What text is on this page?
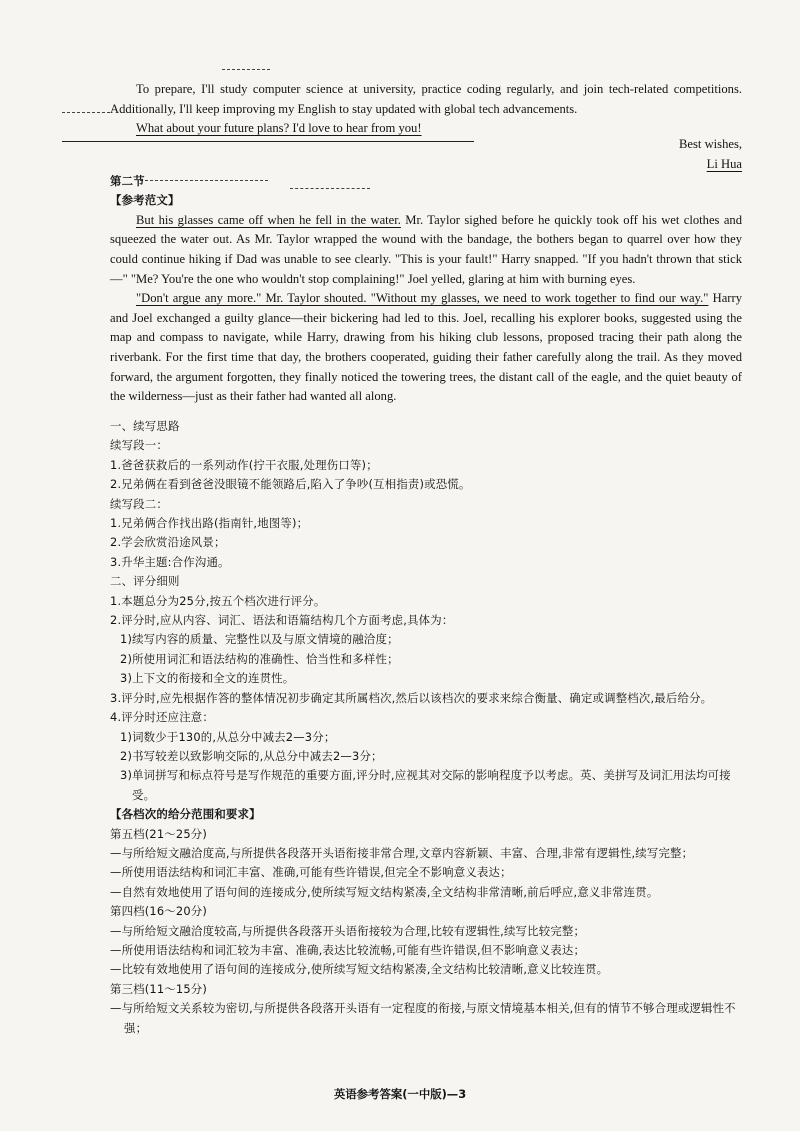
To prepare, I'll study computer science at university, practice coding regularly, and join tech-related competitions. Additionally, I'll keep improving my English to stay updated with global tech advancements.

What about your future plans? I'd love to hear from you!

Best wishes,
Li Hua
第二节
【参考范文】

But his glasses came off when he fell in the water. Mr. Taylor sighed before he quickly took off his wet clothes and squeezed the water out. As Mr. Taylor wrapped the wound with the bandage, the bothers began to quarrel over how they could continue hiking if Dad was unable to see clearly. "This is your fault!" Harry snapped. "If you hadn't thrown that stick—" "Me? You're the one who wouldn't stop complaining!" Joel yelled, glaring at him with burning eyes.

"Don't argue any more." Mr. Taylor shouted. "Without my glasses, we need to work together to find our way." Harry and Joel exchanged a guilty glance—their bickering had led to this. Joel, recalling his explorer books, suggested using the map and compass to navigate, while Harry, drawing from his hiking club lessons, proposed tracing their path along the riverbank. For the first time that day, the brothers cooperated, guiding their father carefully along the trail. As they moved forward, the argument forgotten, they finally noticed the towering trees, the distant call of the eagle, and the quiet beauty of the wilderness—just as their father had wanted all along.

一、续写思路
续写段一：
1.爸爸获救后的一系列动作(拧干衣服,处理伤口等)；
2.兄弟俩在看到爸爸没眼镜不能领路后,陷入了争吵(互相指责)或恐慌。
续写段二：
1.兄弟俩合作找出路(指南针,地图等)；
2.学会欣赏沿途风景；
3.升华主题:合作沟通。
二、评分细则
1.本题总分为25分,按五个档次进行评分。
2.评分时,应从内容、词汇、语法和语篇结构几个方面考虑,具体为：
1)续写内容的质量、完整性以及与原文情境的融洽度；
2)所使用词汇和语法结构的准确性、恰当性和多样性；
3)上下文的衔接和全文的连贯性。
3.评分时,应先根据作答的整体情况初步确定其所属档次,然后以该档次的要求来综合衡量、确定或调整档次,最后给分。
4.评分时还应注意：
1)词数少于130的,从总分中减去2—3分；
2)书写较差以致影响交际的,从总分中减去2—3分；
3)单词拼写和标点符号是写作规范的重要方面,评分时,应视其对交际的影响程度予以考虑。英、美拼写及词汇用法均可接受。
【各档次的给分范围和要求】
第五档(21～25分)
—与所给短文融洽度高,与所提供各段落开头语衔接非常合理,文章内容新颖、丰富、合理,非常有逻辑性,续写完整；
—所使用语法结构和词汇丰富、准确,可能有些许错误,但完全不影响意义表达；
—自然有效地使用了语句间的连接成分,使所续写短文结构紧凑,全文结构非常清晰,前后呼应,意义非常连贯。
第四档(16～20分)
—与所给短文融洽度较高,与所提供各段落开头语衔接较为合理,比较有逻辑性,续写比较完整；
—所使用语法结构和词汇较为丰富、准确,表达比较流畅,可能有些许错误,但不影响意义表达；
—比较有效地使用了语句间的连接成分,使所续写短文结构紧凑,全文结构比较清晰,意义比较连贯。
第三档(11～15分)
—与所给短文关系较为密切,与所提供各段落开头语有一定程度的衔接,与原文情境基本相关,但有的情节不够合理或逻辑性不强；
英语参考答案(一中版)—3
